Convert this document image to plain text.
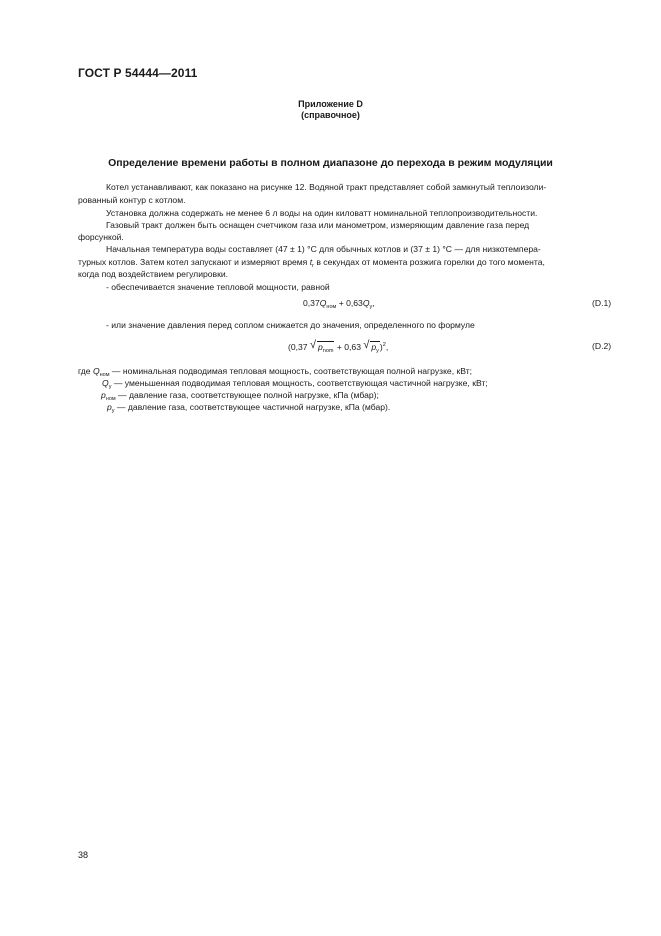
ГОСТ Р 54444—2011
Приложение D
(справочное)
Определение времени работы в полном диапазоне до перехода в режим модуляции
Котел устанавливают, как показано на рисунке 12. Водяной тракт представляет собой замкнутый теплоизоли-
рованный контур с котлом.
Установка должна содержать не менее 6 л воды на один киловатт номинальной теплопроизводительности.
Газовый тракт должен быть оснащен счетчиком газа или манометром, измеряющим давление газа перед
форсункой.
Начальная температура воды составляет (47 ± 1) °С для обычных котлов и (37 ± 1) °С — для низкотемпера-
турных котлов. Затем котел запускают и измеряют время $t_r$ в секундах от момента розжига горелки до того момента,
когда под воздействием регулировки.
- обеспечивается значение тепловой мощности, равной
$0,37Q_{ном} + 0,63Q_y$,	(D.1)
- или значение давления перед соплом снижается до значения, определенного по формуле
(0,37 √ $p_{nom} + 0,63$ √ $p_y)^2$,	(D.2)
где $Q_{ном}$ — номинальная подводимая тепловая мощность, соответствующая полной нагрузке, кВт;
$Q_y$ — уменьшенная подводимая тепловая мощность, соответствующая частичной нагрузке, кВт;
$p_{ном}$ — давление газа, соответствующее полной нагрузке, кПа (мбар);
$p_y$ — давление газа, соответствующее частичной нагрузке, кПа (мбар).
38
